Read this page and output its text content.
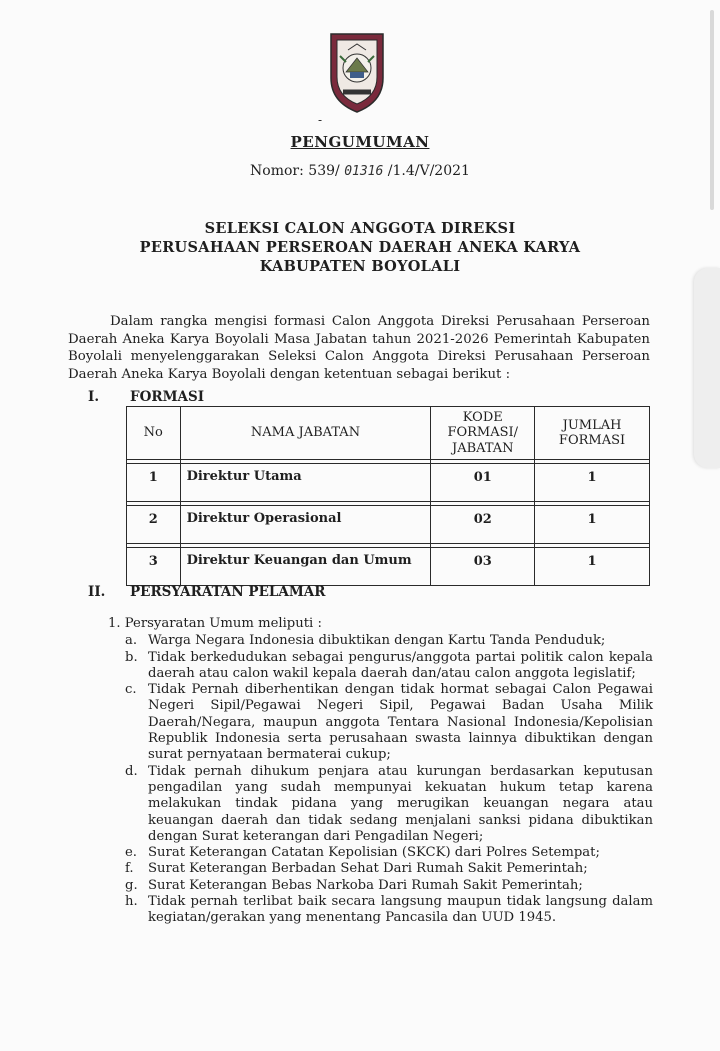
-
PENGUMUMAN
Nomor: 539/ 01316 /1.4/V/2021
SELEKSI CALON ANGGOTA DIREKSI
PERUSAHAAN PERSEROAN DAERAH ANEKA KARYA
KABUPATEN BOYOLALI

Dalam rangka mengisi formasi Calon Anggota Direksi Perusahaan Perseroan Daerah Aneka Karya Boyolali Masa Jabatan tahun 2021-2026 Pemerintah Kabupaten Boyolali menyelenggarakan Seleksi Calon Anggota Direksi Perusahaan Perseroan Daerah Aneka Karya Boyolali dengan ketentuan sebagai berikut :

I. FORMASI
No	NAMA JABATAN	KODE FORMASI/ JABATAN	JUMLAH FORMASI

1	Direktur Utama	01	1

2	Direktur Operasional	02	1

3	Direktur Keuangan dan Umum	03	1
II. PERSYARATAN PELAMAR
1. Persyaratan Umum meliputi :
a. Warga Negara Indonesia dibuktikan dengan Kartu Tanda Penduduk;
b. Tidak berkedudukan sebagai pengurus/anggota partai politik calon kepala daerah atau calon wakil kepala daerah dan/atau calon anggota legislatif;
c. Tidak Pernah diberhentikan dengan tidak hormat sebagai Calon Pegawai Negeri Sipil/Pegawai Negeri Sipil, Pegawai Badan Usaha Milik Daerah/Negara, maupun anggota Tentara Nasional Indonesia/Kepolisian Republik Indonesia serta perusahaan swasta lainnya dibuktikan dengan surat pernyataan bermaterai cukup;
d. Tidak pernah dihukum penjara atau kurungan berdasarkan keputusan pengadilan yang sudah mempunyai kekuatan hukum tetap karena melakukan tindak pidana yang merugikan keuangan negara atau keuangan daerah dan tidak sedang menjalani sanksi pidana dibuktikan dengan Surat keterangan dari Pengadilan Negeri;
e. Surat Keterangan Catatan Kepolisian (SKCK) dari Polres Setempat;
f. Surat Keterangan Berbadan Sehat Dari Rumah Sakit Pemerintah;
g. Surat Keterangan Bebas Narkoba Dari Rumah Sakit Pemerintah;
h. Tidak pernah terlibat baik secara langsung maupun tidak langsung dalam kegiatan/gerakan yang menentang Pancasila dan UUD 1945.
